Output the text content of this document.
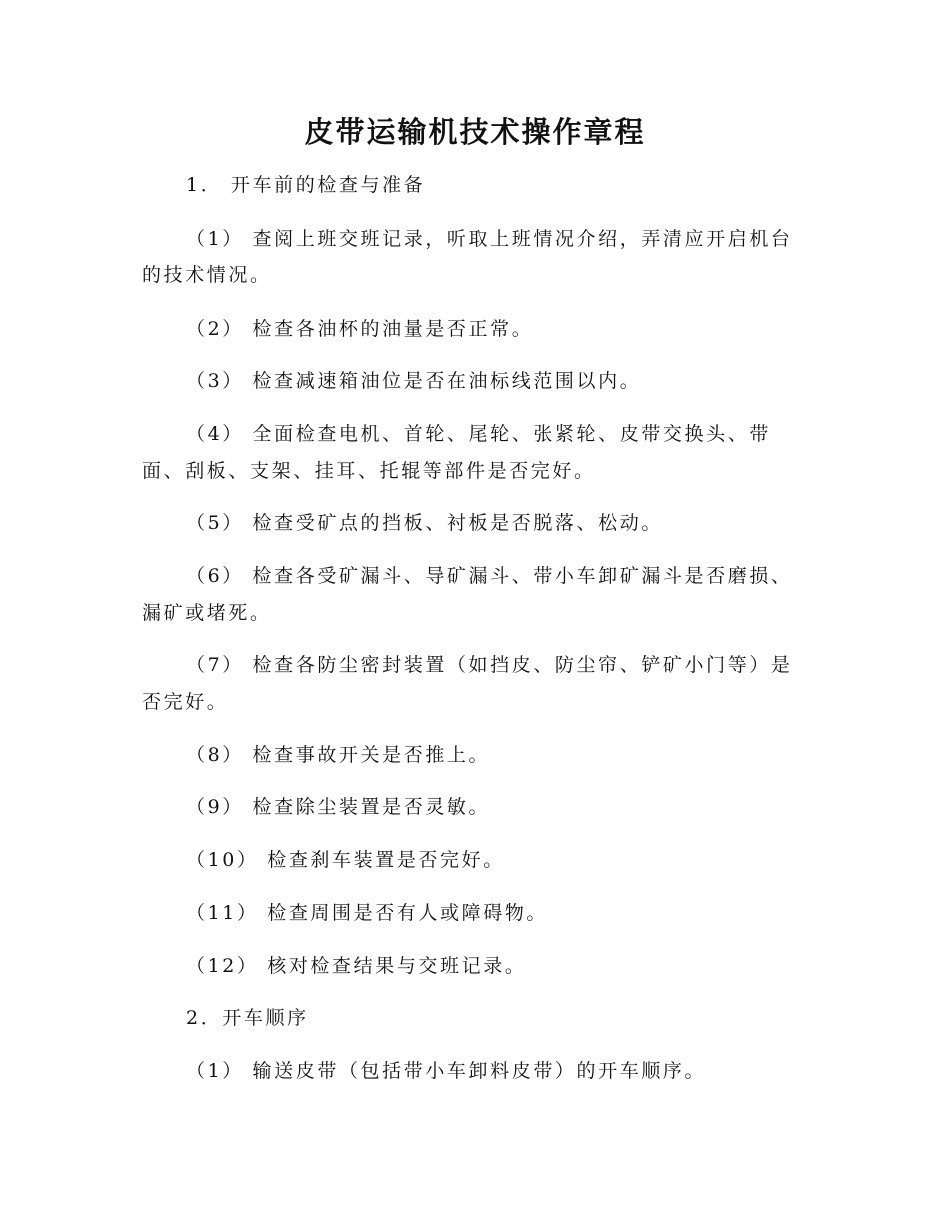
皮带运输机技术操作章程
1． 开车前的检查与准备
（1） 查阅上班交班记录，听取上班情况介绍，弄清应开启机台
的技术情况。
（2） 检查各油杯的油量是否正常。
（3） 检查减速箱油位是否在油标线范围以内。
（4） 全面检查电机、首轮、尾轮、张紧轮、皮带交换头、带
面、刮板、支架、挂耳、托辊等部件是否完好。
（5） 检查受矿点的挡板、衬板是否脱落、松动。
（6） 检查各受矿漏斗、导矿漏斗、带小车卸矿漏斗是否磨损、
漏矿或堵死。
（7） 检查各防尘密封装置（如挡皮、防尘帘、铲矿小门等）是
否完好。
（8） 检查事故开关是否推上。
（9） 检查除尘装置是否灵敏。
（10） 检查刹车装置是否完好。
（11） 检查周围是否有人或障碍物。
（12） 核对检查结果与交班记录。
2．开车顺序
（1） 输送皮带（包括带小车卸料皮带）的开车顺序。
